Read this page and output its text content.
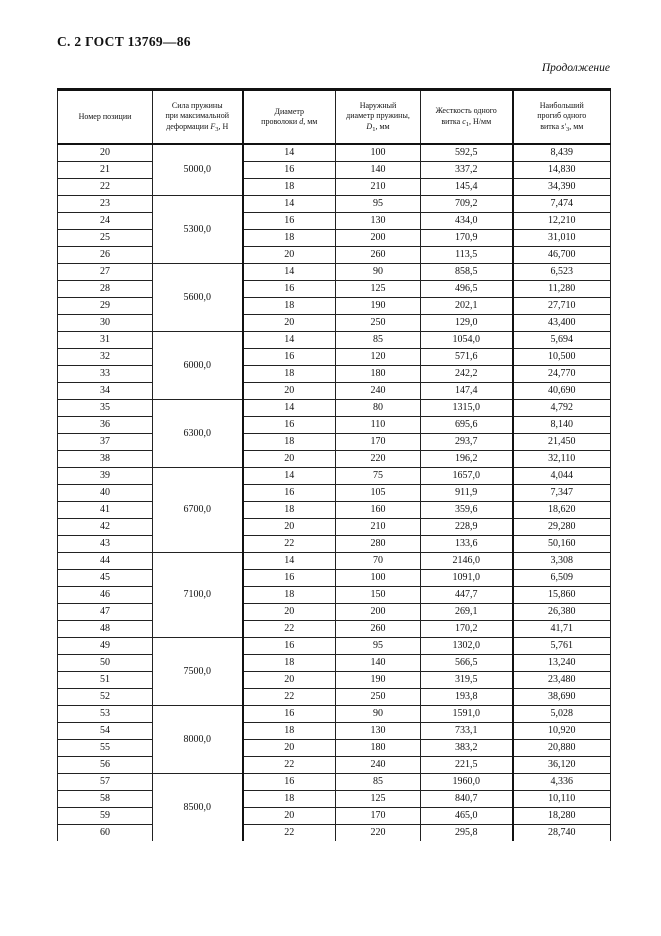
С. 2 ГОСТ 13769—86
Продолжение
Номер позиции

Сила пружины
при максимальной
деформации $F_3$, Н

Диаметр
проволоки d, мм

Наружный
диаметр пружины,
$D_1$, мм

Жесткость одного
витка $c_1$, Н/мм

Наибольший
прогиб одного
витка $s'_3$, мм

20	5000,0	14	100	592,5	8,439
21		16	140	337,2	14,830
22		18	210	145,4	34,390
23	5300,0	14	95	709,2	7,474
24		16	130	434,0	12,210
25		18	200	170,9	31,010
26		20	260	113,5	46,700
27	5600,0	14	90	858,5	6,523
28		16	125	496,5	11,280
29		18	190	202,1	27,710
30		20	250	129,0	43,400
31	6000,0	14	85	1054,0	5,694
32		16	120	571,6	10,500
33		18	180	242,2	24,770
34		20	240	147,4	40,690
35	6300,0	14	80	1315,0	4,792
36		16	110	695,6	8,140
37		18	170	293,7	21,450
38		20	220	196,2	32,110
39	6700,0	14	75	1657,0	4,044
40		16	105	911,9	7,347
41		18	160	359,6	18,620
42		20	210	228,9	29,280
43		22	280	133,6	50,160
44	7100,0	14	70	2146,0	3,308
45		16	100	1091,0	6,509
46		18	150	447,7	15,860
47		20	200	269,1	26,380
48		22	260	170,2	41,71
49	7500,0	16	95	1302,0	5,761
50		18	140	566,5	13,240
51		20	190	319,5	23,480
52		22	250	193,8	38,690
53	8000,0	16	90	1591,0	5,028
54		18	130	733,1	10,920
55		20	180	383,2	20,880
56		22	240	221,5	36,120
57	8500,0	16	85	1960,0	4,336
58		18	125	840,7	10,110
59		20	170	465,0	18,280
60		22	220	295,8	28,740
